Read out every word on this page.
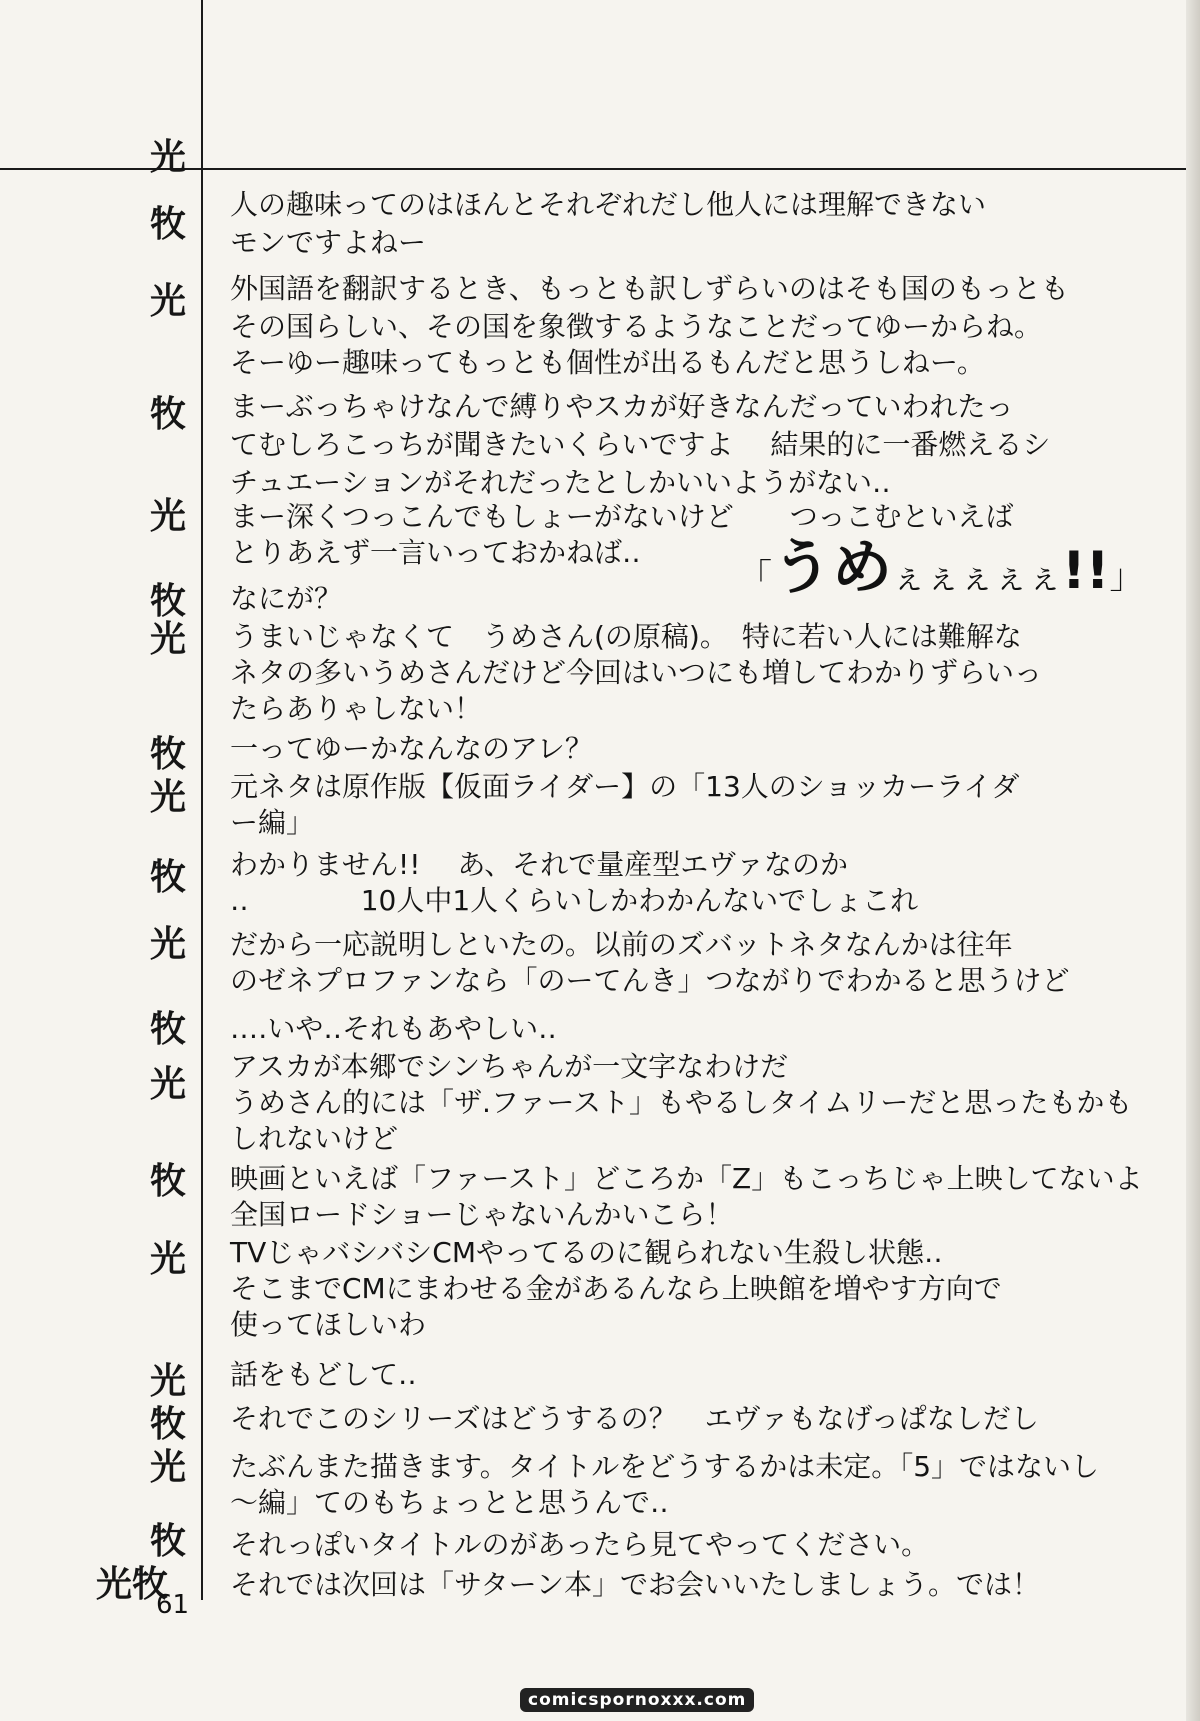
光
牧
光
牧
光
牧
光
牧
光
牧
光
牧
光
牧
光
光
牧
光
牧
光牧
人の趣味ってのはほんとそれぞれだし他人には理解できない
モンですよねー
外国語を翻訳するとき、もっとも訳しずらいのはそも国のもっとも
その国らしい、その国を象徴するようなことだってゆーからね。
そーゆー趣味ってもっとも個性が出るもんだと思うしねー。
まーぶっちゃけなんで縛りやスカが好きなんだっていわれたっ
てむしろこっちが聞きたいくらいですよ　 結果的に一番燃えるシ
チュエーションがそれだったとしかいいようがない‥
まー深くつっこんでもしょーがないけど　　つっこむといえば
とりあえず一言いっておかねば‥
なにが？
うまいじゃなくて　うめさん(の原稿)。　特に若い人には難解な
ネタの多いうめさんだけど今回はいつにも増してわかりずらいっ
たらありゃしない！
一ってゆーかなんなのアレ？
元ネタは原作版【仮面ライダー】の「13人のショッカーライダ
ー編」
わかりません!!　 あ、それで量産型エヴァなのか
‥　　　　10人中1人くらいしかわかんないでしょこれ
だから一応説明しといたの。以前のズバットネタなんかは往年
のゼネプロファンなら「のーてんき」つながりでわかると思うけど
‥‥いや‥それもあやしい‥
アスカが本郷でシンちゃんが一文字なわけだ
うめさん的には「ザ.ファースト」もやるしタイムリーだと思ったもかも
しれないけど
映画といえば「ファースト」どころか「Z」もこっちじゃ上映してないよ
全国ロードショーじゃないんかいこら！
TVじゃバシバシCMやってるのに観られない生殺し状態‥
そこまでCMにまわせる金があるんなら上映館を増やす方向で
使ってほしいわ
話をもどして‥
それでこのシリーズはどうするの？　エヴァもなげっぱなしだし
たぶんまた描きます。タイトルをどうするかは未定。「5」ではないし
〜編」てのもちょっとと思うんで‥
それっぽいタイトルのがあったら見てやってください。
それでは次回は「サターン本」でお会いいたしましょう。では！
「うめぇぇぇぇぇ!!」
61
comicspornoxxx.com
